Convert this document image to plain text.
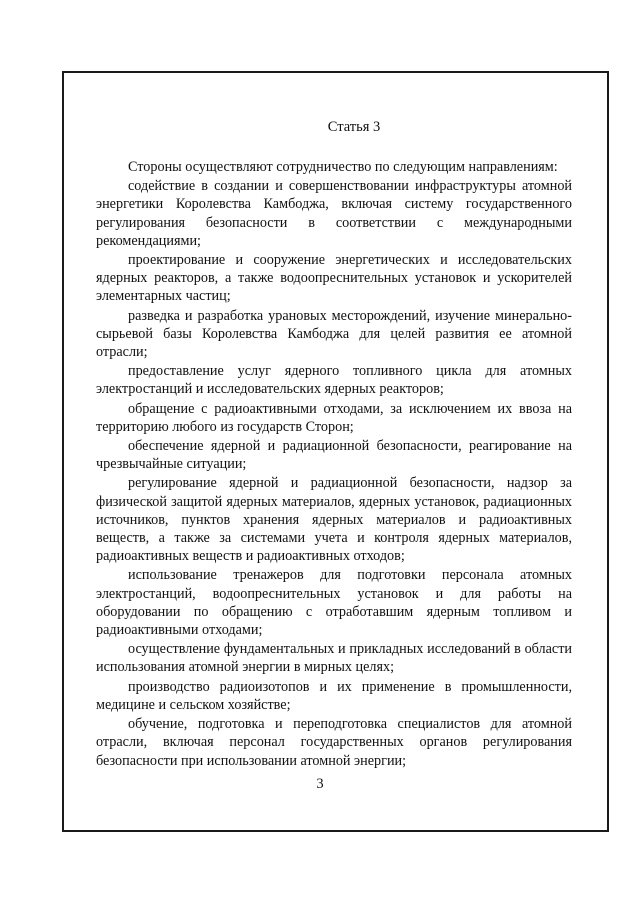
Статья 3

Стороны осуществляют сотрудничество по следующим направлениям:

содействие в создании и совершенствовании инфраструктуры атомной энергетики Королевства Камбоджа, включая систему государственного регулирования безопасности в соответствии с международными рекомендациями;

проектирование и сооружение энергетических и исследовательских ядерных реакторов, а также водоопреснительных установок и ускорителей элементарных частиц;

разведка и разработка урановых месторождений, изучение минерально-сырьевой базы Королевства Камбоджа для целей развития ее атомной отрасли;

предоставление услуг ядерного топливного цикла для атомных электростанций и исследовательских ядерных реакторов;

обращение с радиоактивными отходами, за исключением их ввоза на территорию любого из государств Сторон;

обеспечение ядерной и радиационной безопасности, реагирование на чрезвычайные ситуации;

регулирование ядерной и радиационной безопасности, надзор за физической защитой ядерных материалов, ядерных установок, радиационных источников, пунктов хранения ядерных материалов и радиоактивных веществ, а также за системами учета и контроля ядерных материалов, радиоактивных веществ и радиоактивных отходов;

использование тренажеров для подготовки персонала атомных электростанций, водоопреснительных установок и для работы на оборудовании по обращению с отработавшим ядерным топливом и радиоактивными отходами;

осуществление фундаментальных и прикладных исследований в области использования атомной энергии в мирных целях;

производство радиоизотопов и их применение в промышленности, медицине и сельском хозяйстве;

обучение, подготовка и переподготовка специалистов для атомной отрасли, включая персонал государственных органов регулирования безопасности при использовании атомной энергии;

3
